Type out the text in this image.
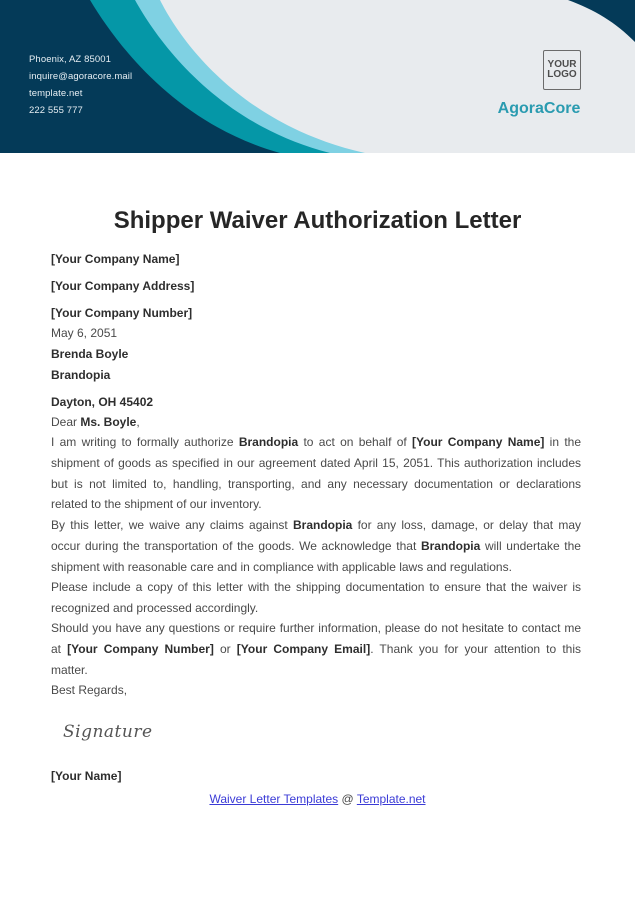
Phoenix, AZ 85001
inquire@agoracore.mail
template.net
222 555 777
YOUR
LOGO
AgoraCore
Shipper Waiver Authorization Letter
[Your Company Name]
[Your Company Address]
[Your Company Number]
May 6, 2051
Brenda Boyle
Brandopia
Dayton, OH 45402
Dear Ms. Boyle,
I am writing to formally authorize Brandopia to act on behalf of [Your Company Name] in the shipment of goods as specified in our agreement dated April 15, 2051. This authorization includes but is not limited to, handling, transporting, and any necessary documentation or declarations related to the shipment of our inventory.
By this letter, we waive any claims against Brandopia for any loss, damage, or delay that may occur during the transportation of the goods. We acknowledge that Brandopia will undertake the shipment with reasonable care and in compliance with applicable laws and regulations.
Please include a copy of this letter with the shipping documentation to ensure that the waiver is recognized and processed accordingly.
Should you have any questions or require further information, please do not hesitate to contact me at [Your Company Number] or [Your Company Email]. Thank you for your attention to this matter.
Best Regards,
Signature
[Your Name]
Waiver Letter Templates @ Template.net
